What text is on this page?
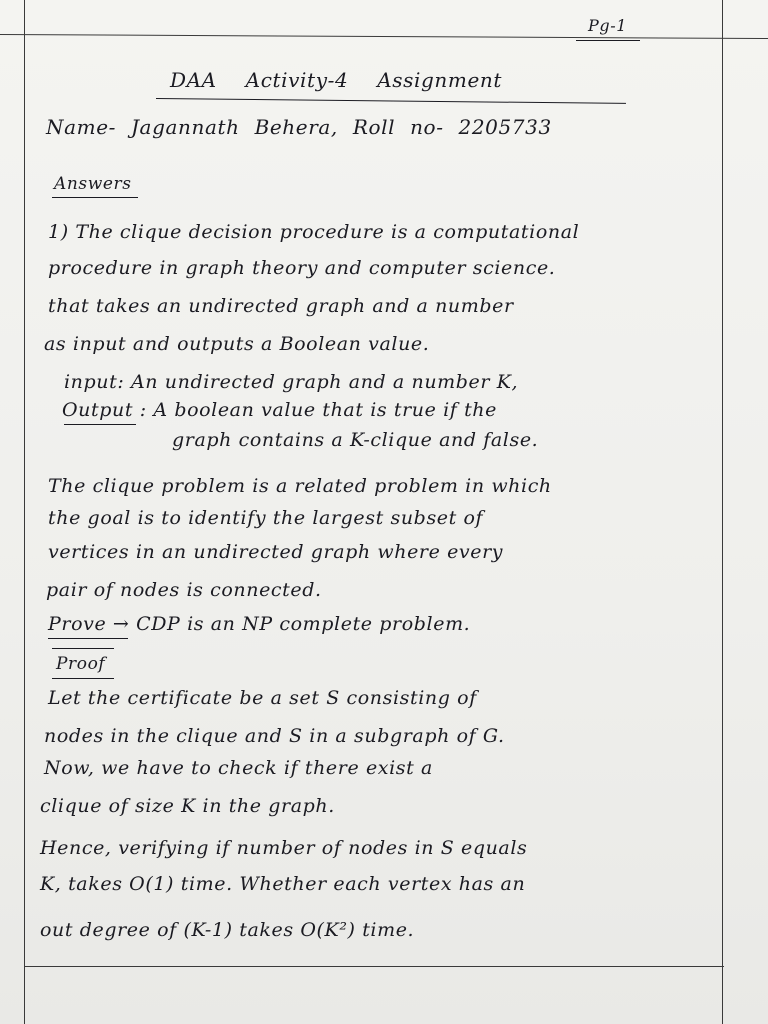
Pg-1

DAA Activity-4 Assignment

Name- Jagannath Behera, Roll no- 2205733

Answers

1) The clique decision procedure is a computational

procedure in graph theory and computer science.

that takes an undirected graph and a number

as input and outputs a Boolean value.

input: An undirected graph and a number K,

Output : A boolean value that is true if the

graph contains a K-clique and false.

The clique problem is a related problem in which

the goal is to identify the largest subset of

vertices in an undirected graph where every

pair of nodes is connected.

Prove → CDP is an NP complete problem.

Proof

Let the certificate be a set S consisting of

nodes in the clique and S in a subgraph of G.

Now, we have to check if there exist a

clique of size K in the graph.

Hence, verifying if number of nodes in S equals

K, takes O(1) time. Whether each vertex has an

out degree of (K-1) takes O(K²) time.
